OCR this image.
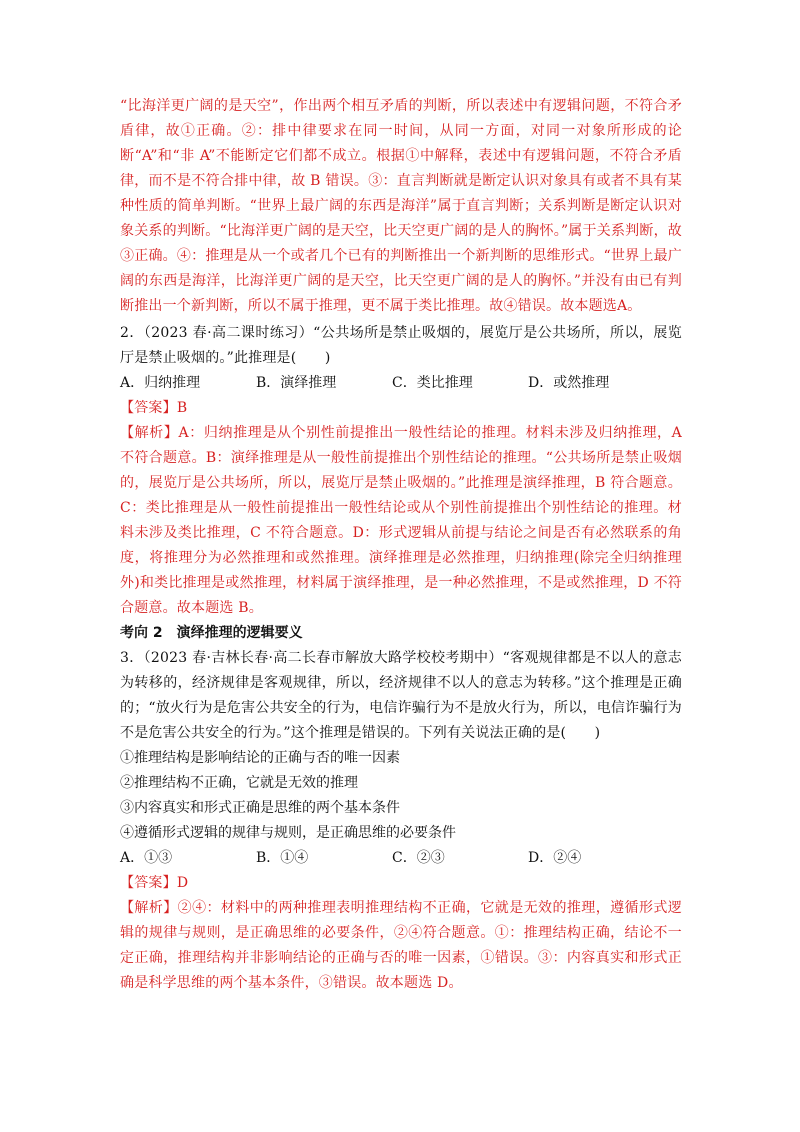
“比海洋更广阔的是天空”，作出两个相互矛盾的判断，所以表述中有逻辑问题，不符合矛盾律，故①正确。②：排中律要求在同一时间，从同一方面，对同一对象所形成的论断“A”和“非 A”不能断定它们都不成立。根据①中解释，表述中有逻辑问题，不符合矛盾律，而不是不符合排中律，故 B 错误。③：直言判断就是断定认识对象具有或者不具有某种性质的简单判断。“世界上最广阔的东西是海洋”属于直言判断；关系判断是断定认识对象关系的判断。“比海洋更广阔的是天空，比天空更广阔的是人的胸怀。”属于关系判断，故③正确。④：推理是从一个或者几个已有的判断推出一个新判断的思维形式。“世界上最广阔的东西是海洋，比海洋更广阔的是天空，比天空更广阔的是人的胸怀。”并没有由已有判断推出一个新判断，所以不属于推理，更不属于类比推理。故④错误。故本题选A。

2．（2023 春·高二课时练习）“公共场所是禁止吸烟的，展览厅是公共场所，所以，展览厅是禁止吸烟的。”此推理是(　　)

A．归纳推理	B．演绎推理	C．类比推理	D．或然推理

【答案】B

【解析】A：归纳推理是从个别性前提推出一般性结论的推理。材料未涉及归纳推理，A 不符合题意。B：演绎推理是从一般性前提推出个别性结论的推理。“公共场所是禁止吸烟的，展览厅是公共场所，所以，展览厅是禁止吸烟的。”此推理是演绎推理，B 符合题意。C：类比推理是从一般性前提推出一般性结论或从个别性前提推出个别性结论的推理。材料未涉及类比推理，C 不符合题意。D：形式逻辑从前提与结论之间是否有必然联系的角度，将推理分为必然推理和或然推理。演绎推理是必然推理，归纳推理(除完全归纳推理外)和类比推理是或然推理，材料属于演绎推理，是一种必然推理，不是或然推理，D 不符合题意。故本题选 B。

考向 2　演绎推理的逻辑要义

3．（2023 春·吉林长春·高二长春市解放大路学校校考期中）“客观规律都是不以人的意志为转移的，经济规律是客观规律，所以，经济规律不以人的意志为转移。”这个推理是正确的；“放火行为是危害公共安全的行为，电信诈骗行为不是放火行为，所以，电信诈骗行为不是危害公共安全的行为。”这个推理是错误的。下列有关说法正确的是(　　)

①推理结构是影响结论的正确与否的唯一因素

②推理结构不正确，它就是无效的推理

③内容真实和形式正确是思维的两个基本条件

④遵循形式逻辑的规律与规则，是正确思维的必要条件

A．①③	B．①④	C．②③	D．②④

【答案】D

【解析】②④：材料中的两种推理表明推理结构不正确，它就是无效的推理，遵循形式逻辑的规律与规则，是正确思维的必要条件，②④符合题意。①：推理结构正确，结论不一定正确，推理结构并非影响结论的正确与否的唯一因素，①错误。③：内容真实和形式正确是科学思维的两个基本条件，③错误。故本题选 D。
